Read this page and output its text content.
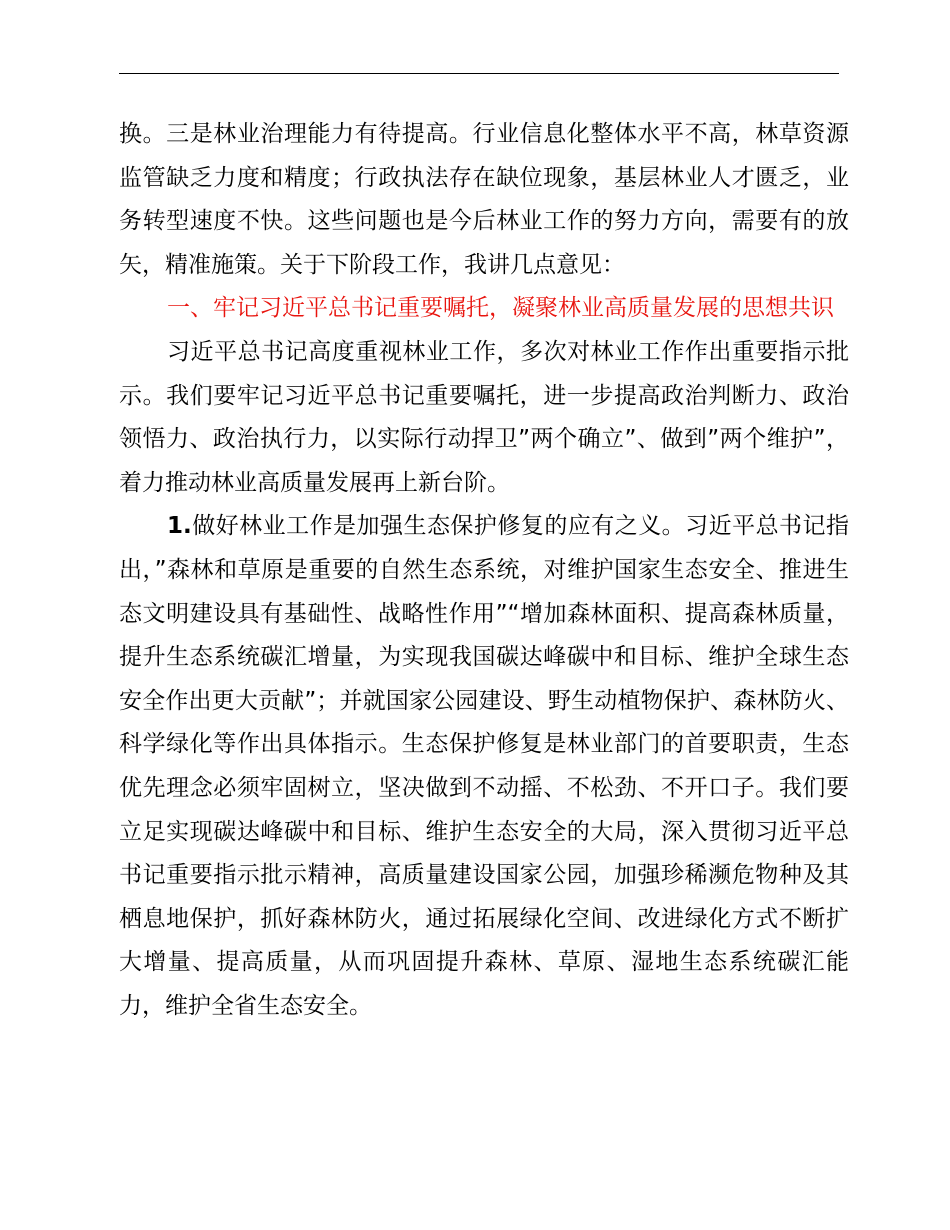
换。三是林业治理能力有待提高。行业信息化整体水平不高，林草资源监管缺乏力度和精度；行政执法存在缺位现象，基层林业人才匮乏，业务转型速度不快。这些问题也是今后林业工作的努力方向，需要有的放矢，精准施策。关于下阶段工作，我讲几点意见：

一、牢记习近平总书记重要嘱托，凝聚林业高质量发展的思想共识

习近平总书记高度重视林业工作，多次对林业工作作出重要指示批示。我们要牢记习近平总书记重要嘱托，进一步提高政治判断力、政治领悟力、政治执行力，以实际行动捍卫”两个确立”、做到”两个维护”，着力推动林业高质量发展再上新台阶。

1.做好林业工作是加强生态保护修复的应有之义。习近平总书记指出，”森林和草原是重要的自然生态系统，对维护国家生态安全、推进生态文明建设具有基础性、战略性作用”“增加森林面积、提高森林质量，提升生态系统碳汇增量，为实现我国碳达峰碳中和目标、维护全球生态安全作出更大贡献”；并就国家公园建设、野生动植物保护、森林防火、科学绿化等作出具体指示。生态保护修复是林业部门的首要职责，生态优先理念必须牢固树立，坚决做到不动摇、不松劲、不开口子。我们要立足实现碳达峰碳中和目标、维护生态安全的大局，深入贯彻习近平总书记重要指示批示精神，高质量建设国家公园，加强珍稀濒危物种及其栖息地保护，抓好森林防火，通过拓展绿化空间、改进绿化方式不断扩大增量、提高质量，从而巩固提升森林、草原、湿地生态系统碳汇能力，维护全省生态安全。
